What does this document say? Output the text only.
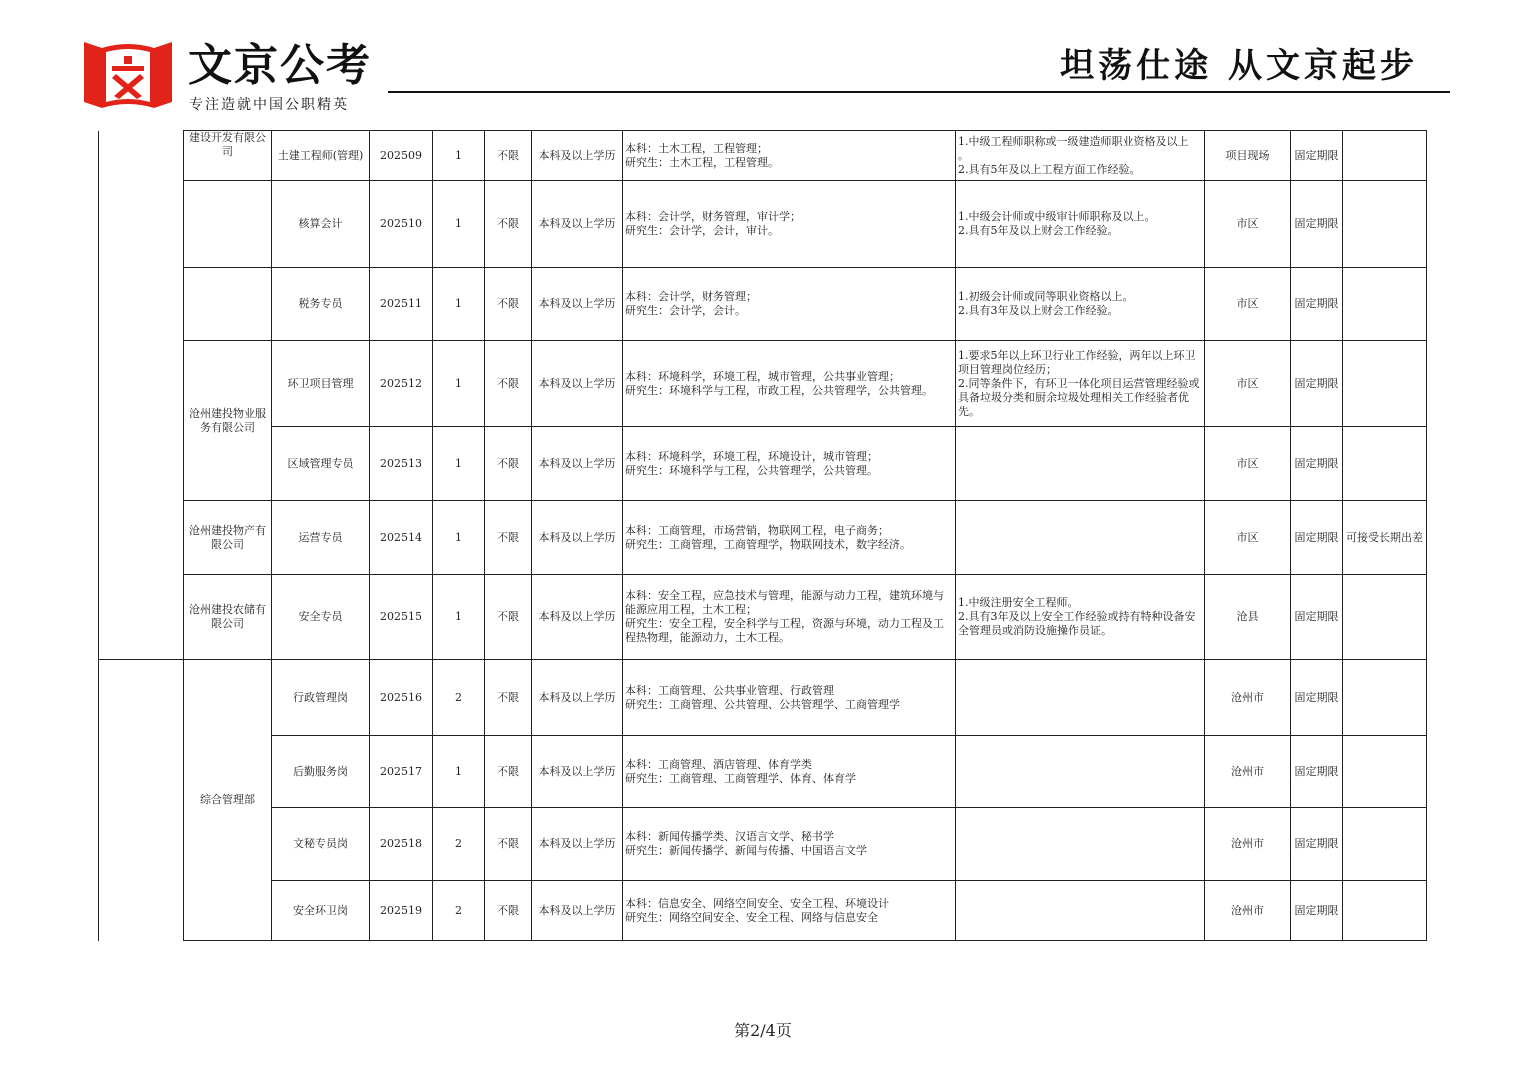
文京公考
专注造就中国公职精英
坦荡仕途 从文京起步
建设开发有限公司	土建工程师(管理)	202509	1	不限	本科及以上学历	本科：土木工程，工程管理；
研究生：土木工程，工程管理。	1.中级工程师职称或一级建造师职业资格及以上
。
2.具有5年及以上工程方面工作经验。	项目现场	固定期限	
	核算会计	202510	1	不限	本科及以上学历	本科：会计学，财务管理，审计学；
研究生：会计学，会计，审计。	1.中级会计师或中级审计师职称及以上。
2.具有5年及以上财会工作经验。	市区	固定期限	
	税务专员	202511	1	不限	本科及以上学历	本科：会计学，财务管理；
研究生：会计学，会计。	1.初级会计师或同等职业资格以上。
2.具有3年及以上财会工作经验。	市区	固定期限	
沧州建投物业服务有限公司	环卫项目管理	202512	1	不限	本科及以上学历	本科：环境科学，环境工程，城市管理，公共事业管理；
研究生：环境科学与工程，市政工程，公共管理学，公共管理。	1.要求5年以上环卫行业工作经验，两年以上环卫项目管理岗位经历；
2.同等条件下，有环卫一体化项目运营管理经验或具备垃圾分类和厨余垃圾处理相关工作经验者优先。	市区	固定期限	
	区域管理专员	202513	1	不限	本科及以上学历	本科：环境科学，环境工程，环境设计，城市管理；
研究生：环境科学与工程，公共管理学，公共管理。		市区	固定期限	
沧州建投物产有限公司	运营专员	202514	1	不限	本科及以上学历	本科：工商管理，市场营销，物联网工程，电子商务；
研究生：工商管理，工商管理学，物联网技术，数字经济。		市区	固定期限	可接受长期出差
沧州建投农储有限公司	安全专员	202515	1	不限	本科及以上学历	本科：安全工程，应急技术与管理，能源与动力工程，建筑环境与能源应用工程，土木工程；
研究生：安全工程，安全科学与工程，资源与环境，动力工程及工程热物理，能源动力，土木工程。	1.中级注册安全工程师。
2.具有3年及以上安全工作经验或持有特种设备安全管理员或消防设施操作员证。	沧县	固定期限	
综合管理部	行政管理岗	202516	2	不限	本科及以上学历	本科：工商管理、公共事业管理、行政管理
研究生：工商管理、公共管理、公共管理学、工商管理学		沧州市	固定期限	
	后勤服务岗	202517	1	不限	本科及以上学历	本科：工商管理、酒店管理、体育学类
研究生：工商管理、工商管理学、体育、体育学		沧州市	固定期限	
	文秘专员岗	202518	2	不限	本科及以上学历	本科：新闻传播学类、汉语言文学、秘书学
研究生：新闻传播学、新闻与传播、中国语言文学		沧州市	固定期限	
	安全环卫岗	202519	2	不限	本科及以上学历	本科：信息安全、网络空间安全、安全工程、环境设计
研究生：网络空间安全、安全工程、网络与信息安全		沧州市	固定期限	
第2/4页
